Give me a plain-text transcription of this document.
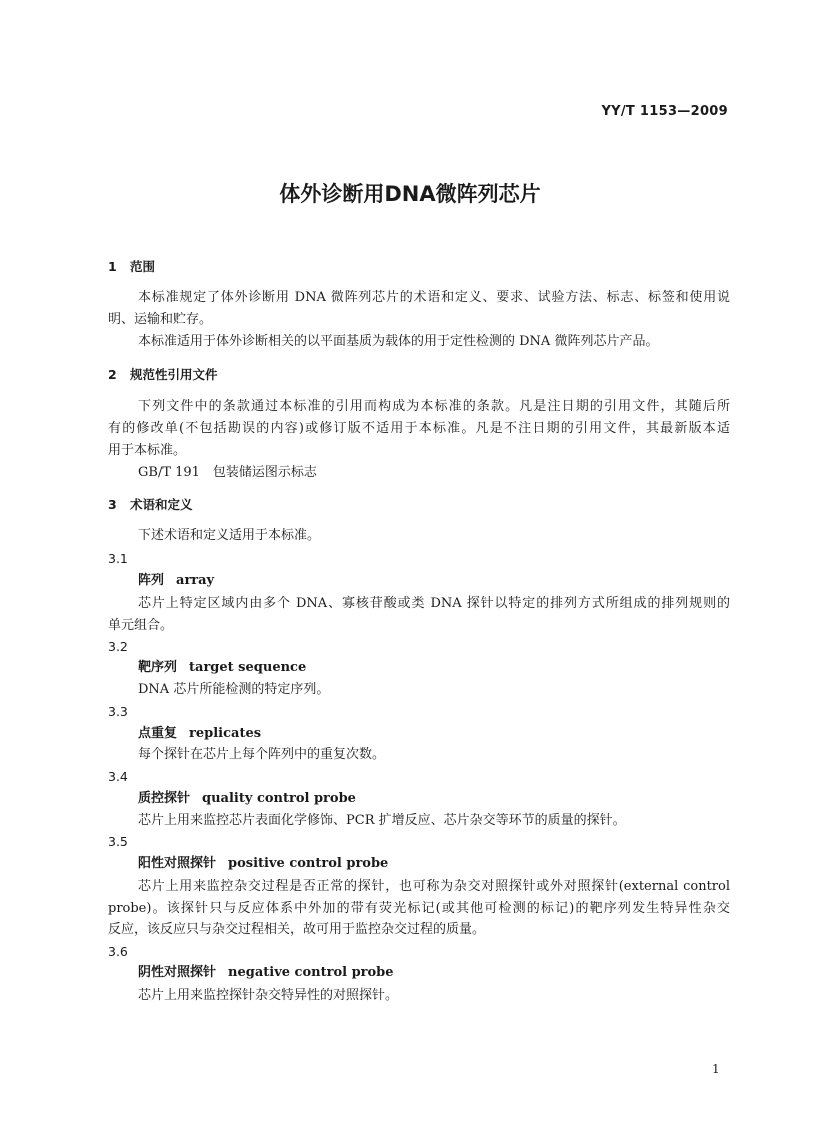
YY/T 1153—2009
体外诊断用DNA微阵列芯片
1 范围
本标准规定了体外诊断用 DNA 微阵列芯片的术语和定义、要求、试验方法、标志、标签和使用说
明、运输和贮存。
本标准适用于体外诊断相关的以平面基质为载体的用于定性检测的 DNA 微阵列芯片产品。
2 规范性引用文件
下列文件中的条款通过本标准的引用而构成为本标准的条款。凡是注日期的引用文件，其随后所
有的修改单(不包括勘误的内容)或修订版不适用于本标准。凡是不注日期的引用文件，其最新版本适
用于本标准。
GB/T 191　包装储运图示标志
3 术语和定义
下述术语和定义适用于本标准。
3.1
阵列 array
芯片上特定区域内由多个 DNA、寡核苷酸或类 DNA 探针以特定的排列方式所组成的排列规则的
单元组合。
3.2
靶序列 target sequence
DNA 芯片所能检测的特定序列。
3.3
点重复 replicates
每个探针在芯片上每个阵列中的重复次数。
3.4
质控探针 quality control probe
芯片上用来监控芯片表面化学修饰、PCR 扩增反应、芯片杂交等环节的质量的探针。
3.5
阳性对照探针 positive control probe
芯片上用来监控杂交过程是否正常的探针，也可称为杂交对照探针或外对照探针(external control
probe)。该探针只与反应体系中外加的带有荧光标记(或其他可检测的标记)的靶序列发生特异性杂交
反应，该反应只与杂交过程相关，故可用于监控杂交过程的质量。
3.6
阴性对照探针 negative control probe
芯片上用来监控探针杂交特异性的对照探针。
1
